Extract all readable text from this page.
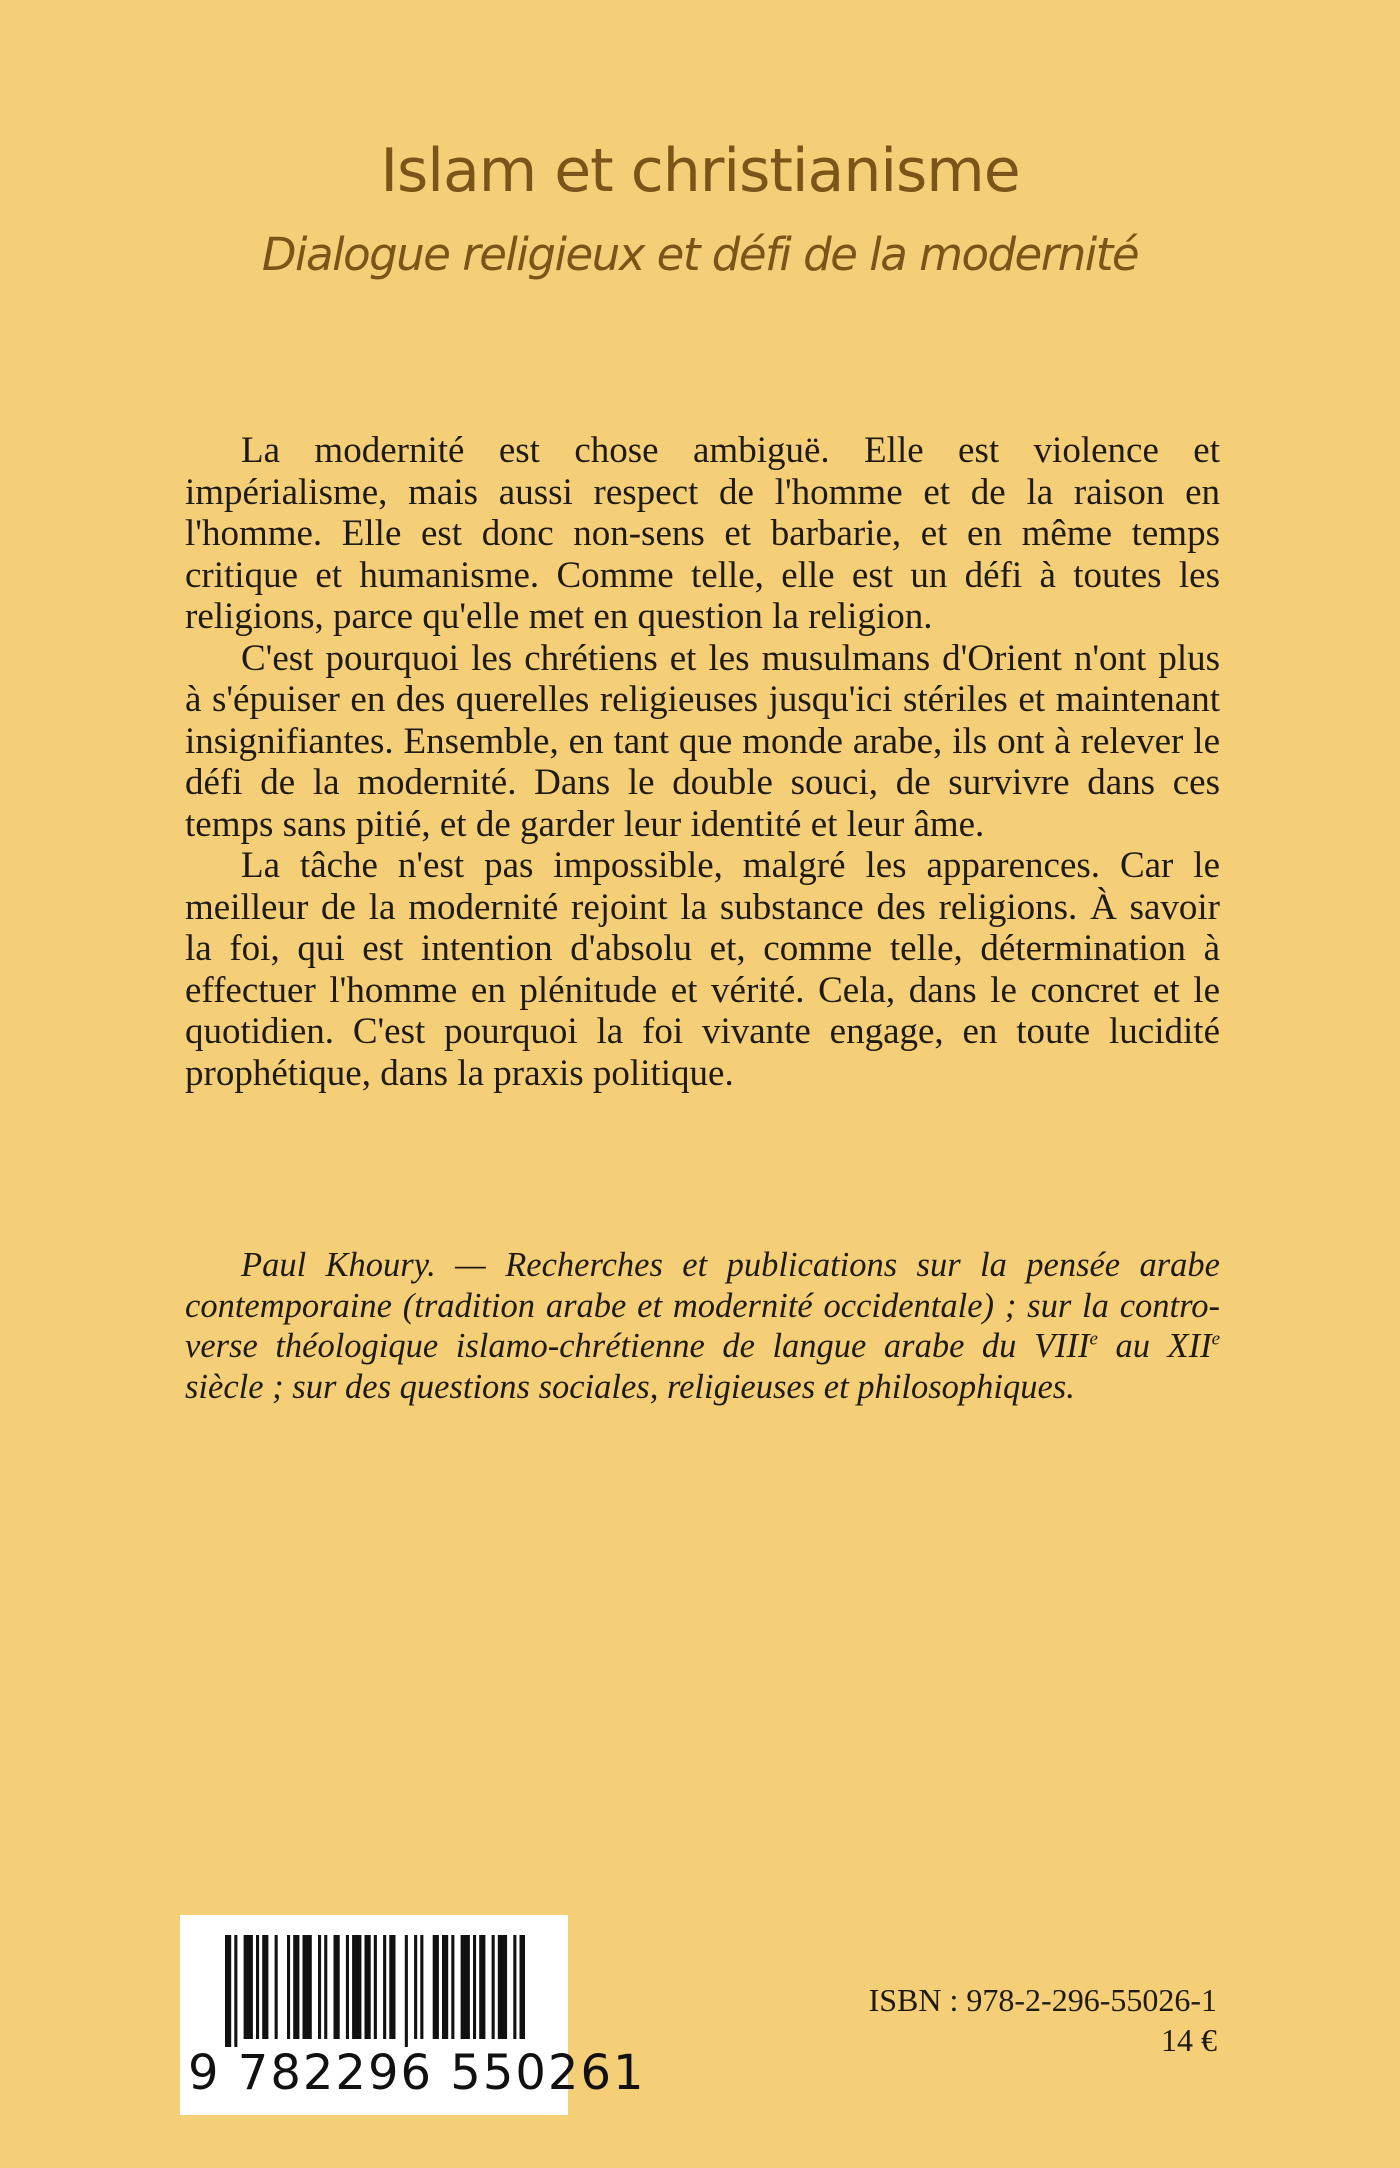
Islam et christianisme
Dialogue religieux et défi de la modernité

La modernité est chose ambiguë. Elle est violence et impérialisme, mais aussi respect de l'homme et de la raison en l'homme. Elle est donc non-sens et barbarie, et en même temps critique et humanisme. Comme telle, elle est un défi à toutes les religions, parce qu'elle met en question la religion.

C'est pourquoi les chrétiens et les musulmans d'Orient n'ont plus à s'épuiser en des querelles religieuses jusqu'ici stériles et maintenant insignifiantes. Ensemble, en tant que monde arabe, ils ont à relever le défi de la modernité. Dans le double souci, de survivre dans ces temps sans pitié, et de garder leur identité et leur âme.

La tâche n'est pas impossible, malgré les apparences. Car le meilleur de la modernité rejoint la substance des religions. À savoir la foi, qui est intention d'absolu et, comme telle, détermination à effectuer l'homme en plénitude et vérité. Cela, dans le concret et le quotidien. C'est pourquoi la foi vivante engage, en toute lucidité prophétique, dans la praxis politique.

Paul Khoury. — Recherches et publications sur la pensée arabe contemporaine (tradition arabe et modernité occidentale) ; sur la controverse théologique islamo-chrétienne de langue arabe du VIIIe au XIIe siècle ; sur des questions sociales, religieuses et philosophiques.
9 782296 550261
ISBN : 978-2-296-55026-1
14 €
